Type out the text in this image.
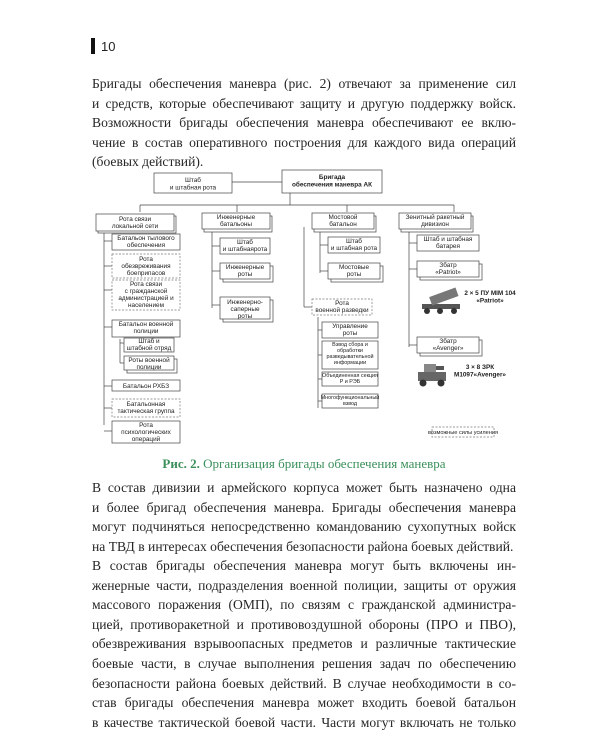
10

Бригады обеспечения маневра (рис. 2) отвечают за применение сил
и средств, которые обеспечивают защиту и другую поддержку войск.
Возможности бригады обеспечения маневра обеспечивают ее вклю-
чение в состав оперативного построения для каждого вида операций
(боевых действий).

Штаб и штабная рота
Бригада обеспечения маневра АК
Рота связи локальной сети
Батальон тылового обеспечения
Рота обезвреживания боеприпасов
Рота связи с гражданской администрацией и населением
Батальон военной полиции
Штаб и штабной отряд
Роты военной полиции
Батальон РХБЗ
Батальонная тактическая группа
Рота психологических операций
Инженерные батальоны
Штаб и штабнаярота
Инженерные роты
Инженерно-саперные роты
Мостовой батальон
Штаб и штабная рота
Мостовые роты
Рота военной разведки
Управление роты
Взвод сбора и обработки разведывательной информации
Объединенная секция Р и РЭБ
Многофункциональный взвод
Зенитный ракетный дивизион
Штаб и штабная батарея
Збатр «Patriot»
2 × 5 ПУ MIM 104 «Patriot»
Збатр «Avenger»
3 × 8 ЗРК M1097«Avenger»
возможные силы усиления
Рис. 2. Организация бригады обеспечения маневра

В состав дивизии и армейского корпуса может быть назначено одна
и более бригад обеспечения маневра. Бригады обеспечения маневра
могут подчиняться непосредственно командованию сухопутных войск
на ТВД в интересах обеспечения безопасности района боевых действий.

В состав бригады обеспечения маневра могут быть включены ин-
женерные части, подразделения военной полиции, защиты от оружия
массового поражения (ОМП), по связям с гражданской администра-
цией, противоракетной и противовоздушной обороны (ПРО и ПВО),
обезвреживания взрывоопасных предметов и различные тактические
боевые части, в случае выполнения решения задач по обеспечению
безопасности района боевых действий. В случае необходимости в со-
став бригады обеспечения маневра может входить боевой батальон
в качестве тактической боевой части. Части могут включать не только
